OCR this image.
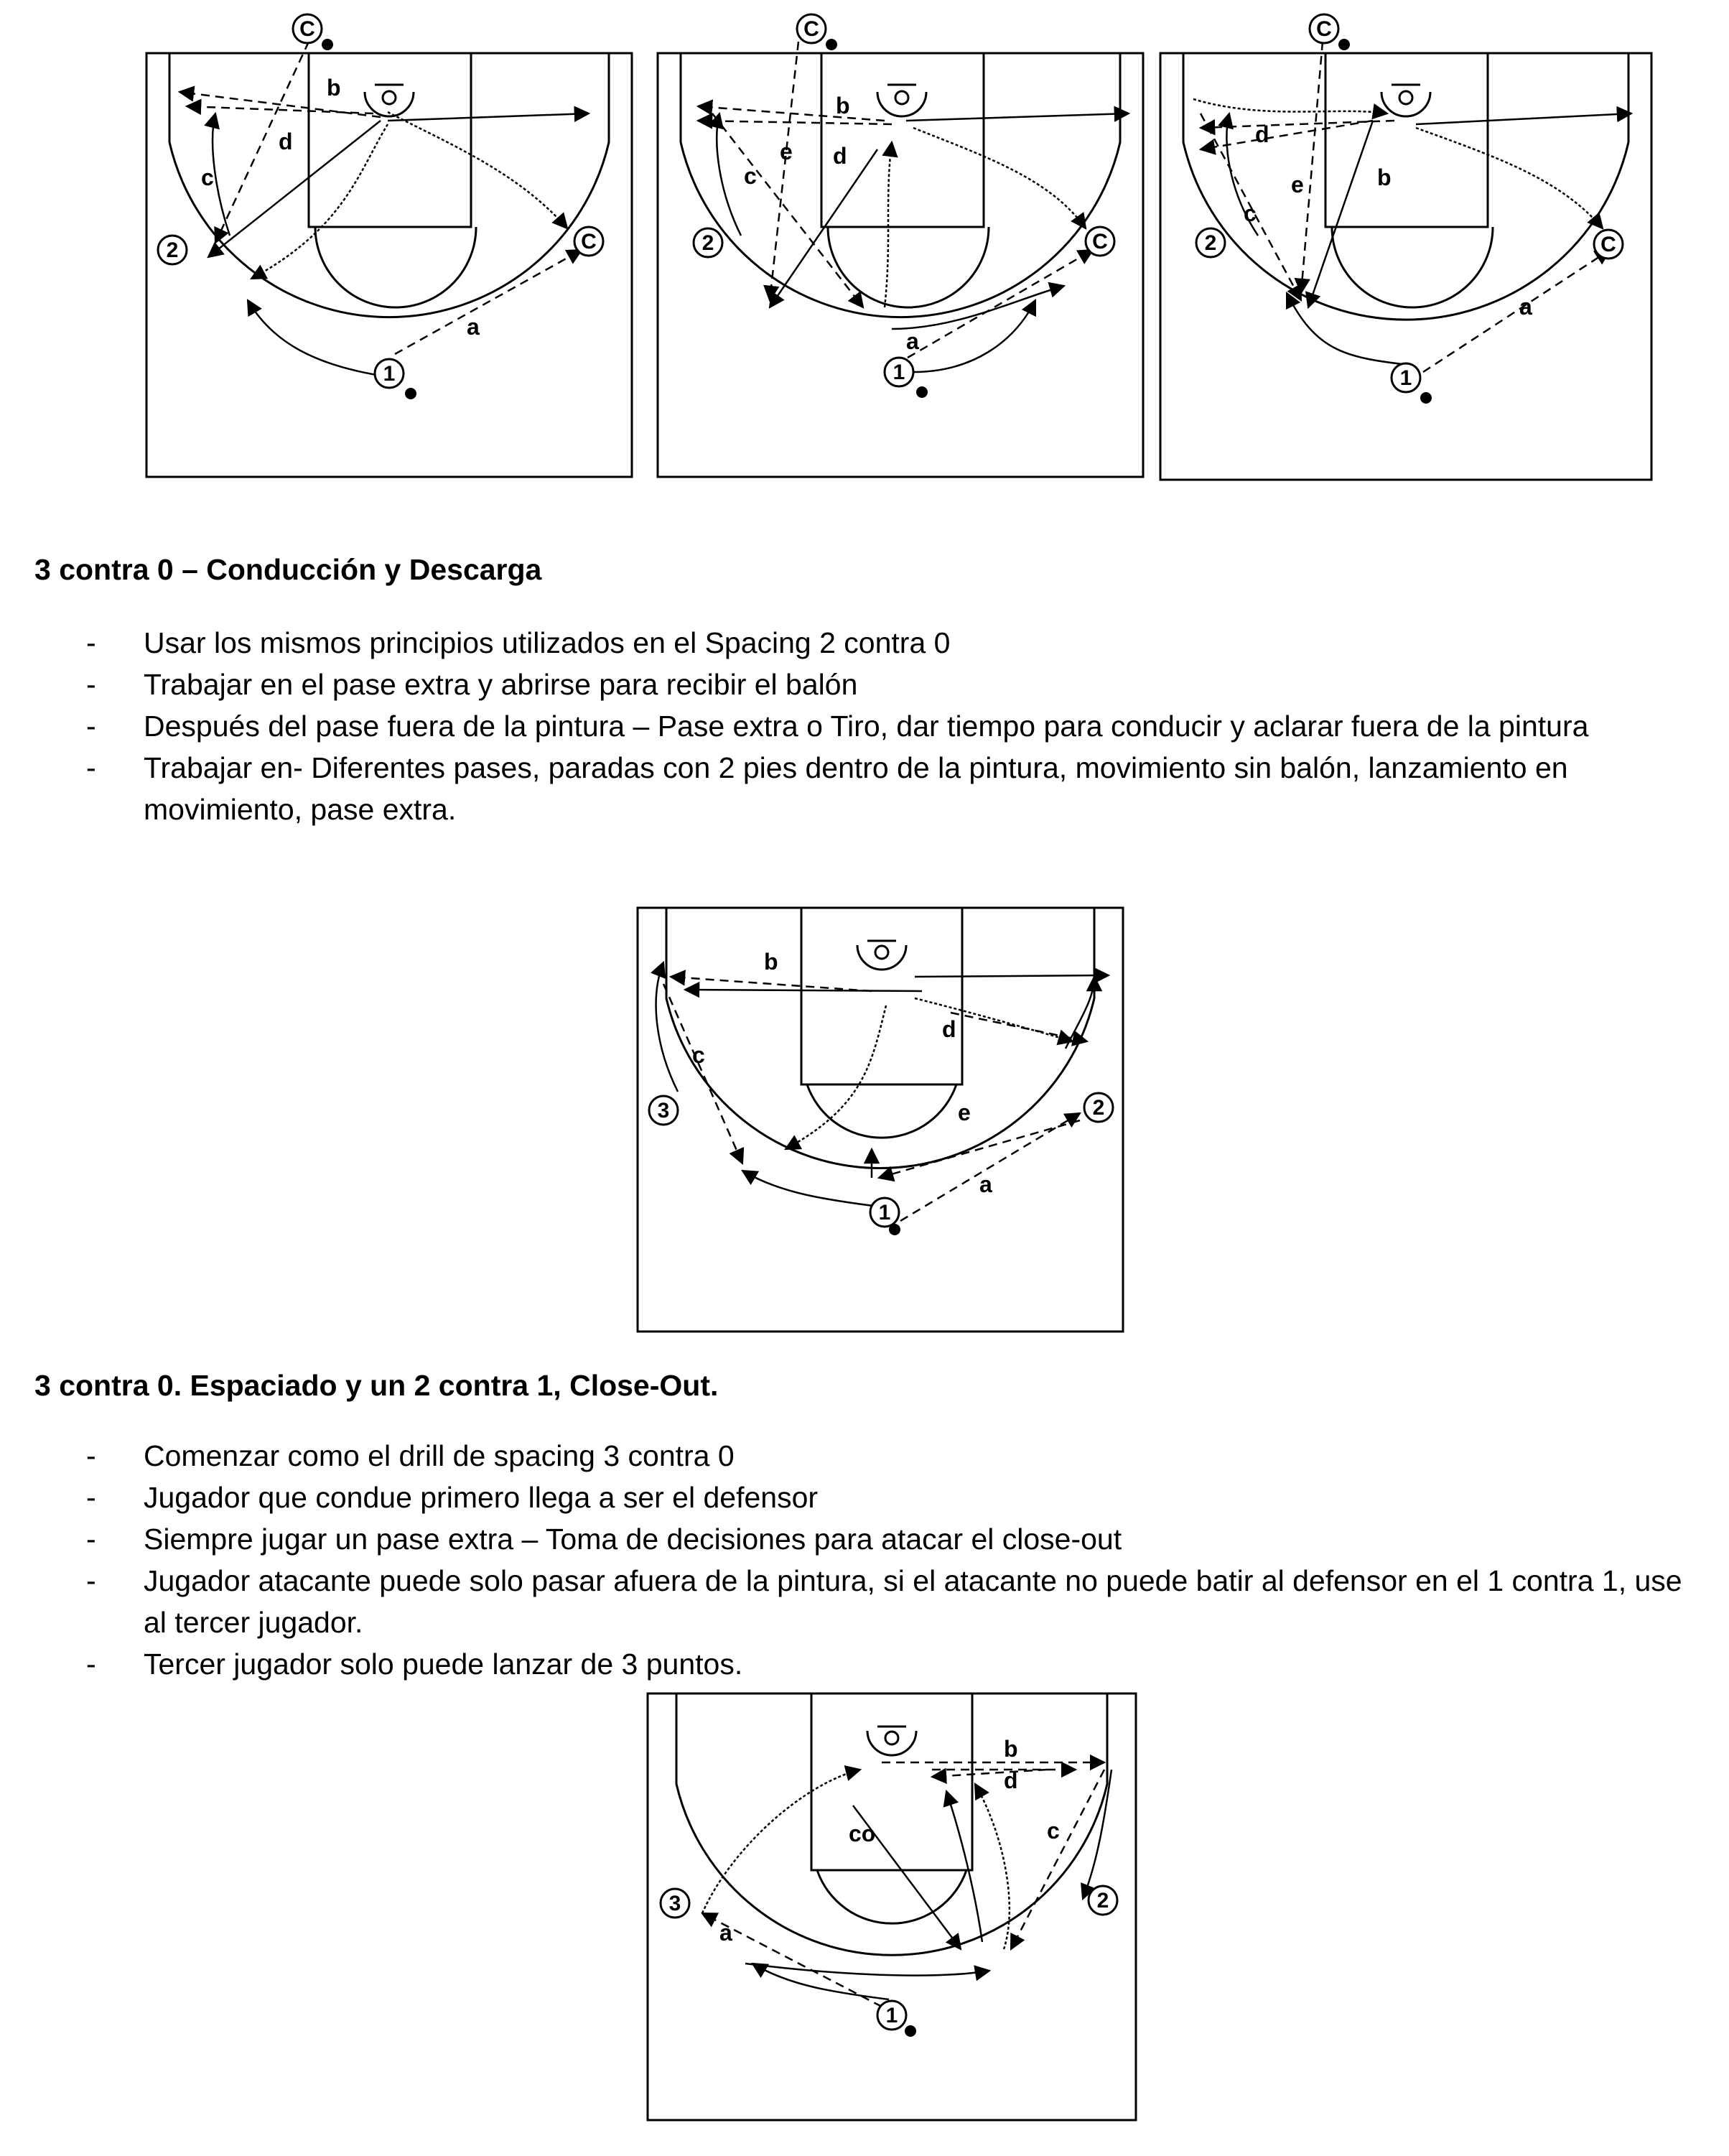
C
C
2
1
a
b
c
d
C
C
2
1
a
b
c
d
e
C
C
2
1
a
b
c
d
e
3 contra 0 – Conducción y Descarga
- Usar los mismos principios utilizados en el Spacing 2 contra 0
- Trabajar en el pase extra y abrirse para recibir el balón
- Después del pase fuera de la pintura – Pase extra o Tiro, dar tiempo para conducir y aclarar fuera de la pintura
- Trabajar en- Diferentes pases, paradas con 2 pies dentro de la pintura, movimiento sin balón, lanzamiento en movimiento, pase extra.
3	2
1
a
b
c
d
e
3 contra 0. Espaciado y un 2 contra 1, Close-Out.
- Comenzar como el drill de spacing 3 contra 0
- Jugador que condue primero llega a ser el defensor
- Siempre jugar un pase extra – Toma de decisiones para atacar el close-out
- Jugador atacante puede solo pasar afuera de la pintura, si el atacante no puede batir al defensor en el 1 contra 1, use al tercer jugador.
- Tercer jugador solo puede lanzar de 3 puntos.
3	2
1
a
b
c
d
co
